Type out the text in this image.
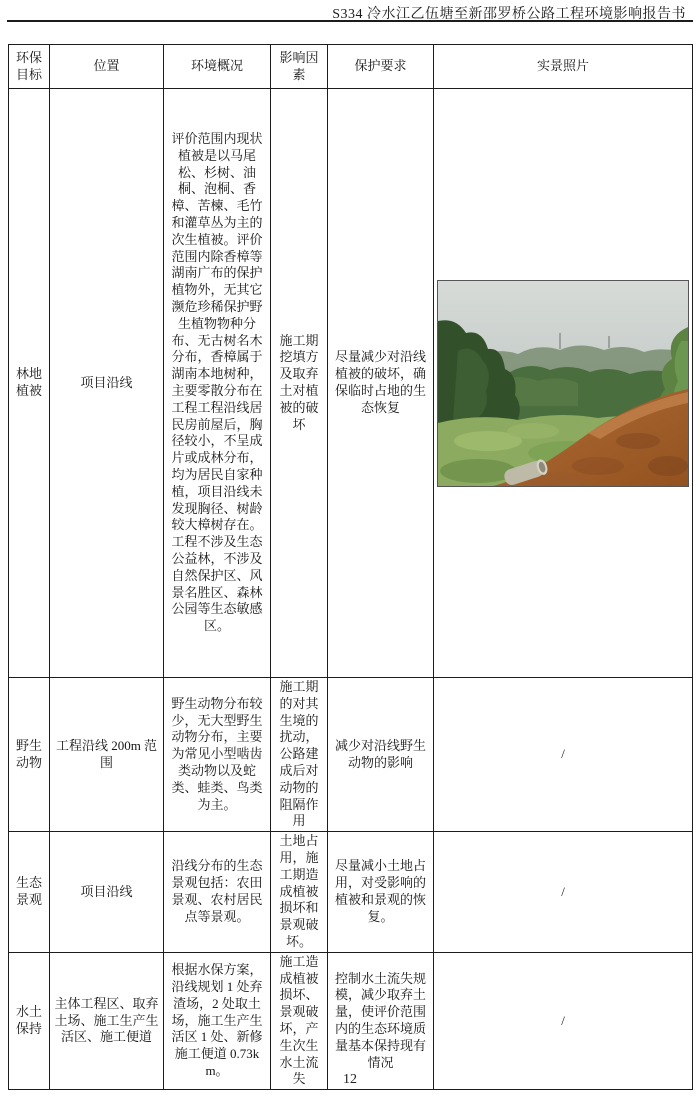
S334 冷水江乙伍塘至新邵罗桥公路工程环境影响报告书
环保目标	位置	环境概况	影响因素	保护要求	实景照片
林地植被	项目沿线	评价范围内现状植被是以马尾松、杉树、油桐、泡桐、香樟、苦楝、毛竹和灌草丛为主的次生植被。评价范围内除香樟等湖南广布的保护植物外，无其它濒危珍稀保护野生植物物种分布、无古树名木分布，香樟属于湖南本地树种，主要零散分布在工程工程沿线居民房前屋后，胸径较小，不呈成片或成林分布，均为居民自家种植，项目沿线未发现胸径、树龄较大樟树存在。工程不涉及生态公益林，不涉及自然保护区、风景名胜区、森林公园等生态敏感区。	施工期挖填方及取弃土对植被的破坏	尽量减少对沿线植被的破坏，确保临时占地的生态恢复	

野生动物	工程沿线 200m 范围	野生动物分布较少，无大型野生动物分布，主要为常见小型啮齿类动物以及蛇类、蛙类、鸟类为主。	施工期的对其生境的扰动，公路建成后对动物的阻隔作用	减少对沿线野生动物的影响	/
生态景观	项目沿线	沿线分布的生态景观包括：农田景观、农村居民点等景观。	土地占用，施工期造成植被损坏和景观破坏。	尽量减小土地占用，对受影响的植被和景观的恢复。	/
水土保持	主体工程区、取弃土场、施工生产生活区、施工便道	根据水保方案，沿线规划 1 处弃渣场，2 处取土场，施工生产生活区 1 处、新修施工便道 0.73km。	施工造成植被损坏、景观破坏，产生次生水土流失	控制水土流失规模，减少取弃土量，使评价范围内的生态环境质量基本保持现有情况	/
12
